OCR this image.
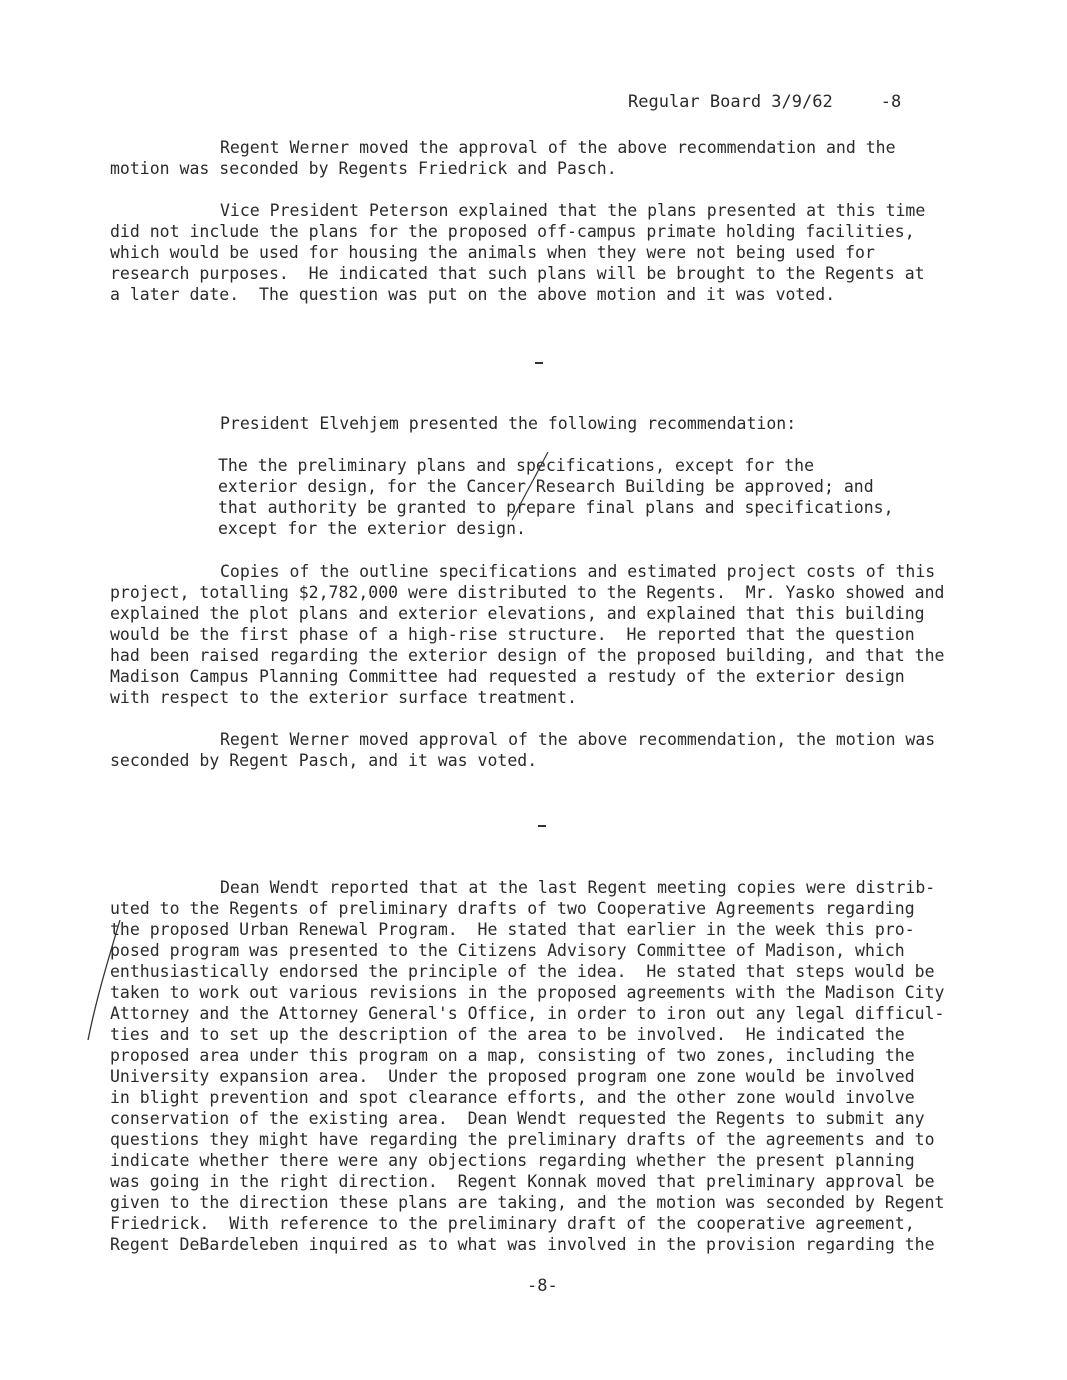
Regular Board 3/9/62	-8

Regent Werner moved the approval of the above recommendation and the
motion was seconded by Regents Friedrick and Pasch.

Vice President Peterson explained that the plans presented at this time
did not include the plans for the proposed off-campus primate holding facilities,
which would be used for housing the animals when they were not being used for
research purposes.  He indicated that such plans will be brought to the Regents at
a later date.  The question was put on the above motion and it was voted.

President Elvehjem presented the following recommendation:

The the preliminary plans and specifications, except for the
exterior design, for the Cancer Research Building be approved; and
that authority be granted to prepare final plans and specifications,
except for the exterior design.

Copies of the outline specifications and estimated project costs of this
project, totalling $2,782,000 were distributed to the Regents.  Mr. Yasko showed and
explained the plot plans and exterior elevations, and explained that this building
would be the first phase of a high-rise structure.  He reported that the question
had been raised regarding the exterior design of the proposed building, and that the
Madison Campus Planning Committee had requested a restudy of the exterior design
with respect to the exterior surface treatment.

Regent Werner moved approval of the above recommendation, the motion was
seconded by Regent Pasch, and it was voted.

Dean Wendt reported that at the last Regent meeting copies were distrib-
uted to the Regents of preliminary drafts of two Cooperative Agreements regarding
the proposed Urban Renewal Program.  He stated that earlier in the week this pro-
posed program was presented to the Citizens Advisory Committee of Madison, which
enthusiastically endorsed the principle of the idea.  He stated that steps would be
taken to work out various revisions in the proposed agreements with the Madison City
Attorney and the Attorney General's Office, in order to iron out any legal difficul-
ties and to set up the description of the area to be involved.  He indicated the
proposed area under this program on a map, consisting of two zones, including the
University expansion area.  Under the proposed program one zone would be involved
in blight prevention and spot clearance efforts, and the other zone would involve
conservation of the existing area.  Dean Wendt requested the Regents to submit any
questions they might have regarding the preliminary drafts of the agreements and to
indicate whether there were any objections regarding whether the present planning
was going in the right direction.  Regent Konnak moved that preliminary approval be
given to the direction these plans are taking, and the motion was seconded by Regent
Friedrick.  With reference to the preliminary draft of the cooperative agreement,
Regent DeBardeleben inquired as to what was involved in the provision regarding the

-8-
